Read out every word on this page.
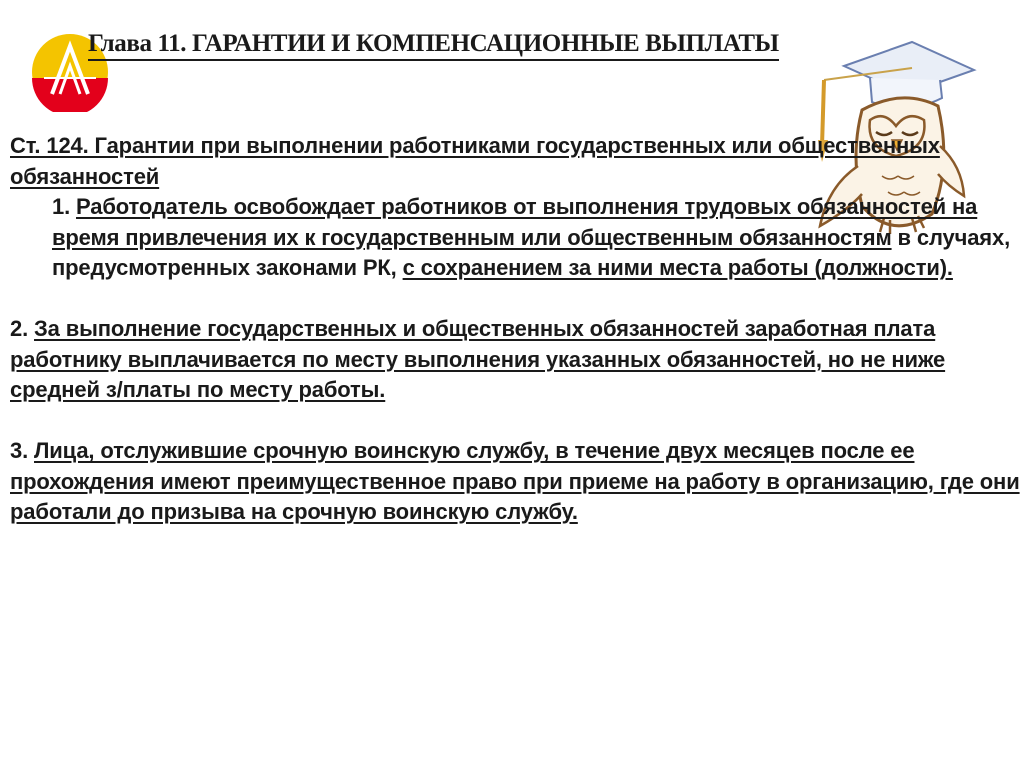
Глава 11. ГАРАНТИИ И КОМПЕНСАЦИОННЫЕ ВЫПЛАТЫ

Ст. 124. Гарантии при выполнении работниками государственных или общественных обязанностей

1. Работодатель освобождает работников от выполнения трудовых обязанностей на время привлечения их к государственным или общественным обязанностям в случаях, предусмотренных законами РК, с сохранением за ними места работы (должности).

2. За выполнение государственных и общественных обязанностей заработная плата работнику выплачивается по месту выполнения указанных обязанностей, но не ниже средней з/платы по месту работы.

3. Лица, отслужившие срочную воинскую службу, в течение двух месяцев после ее прохождения имеют преимущественное право при приеме на работу в организацию, где они работали до призыва на срочную воинскую службу.
